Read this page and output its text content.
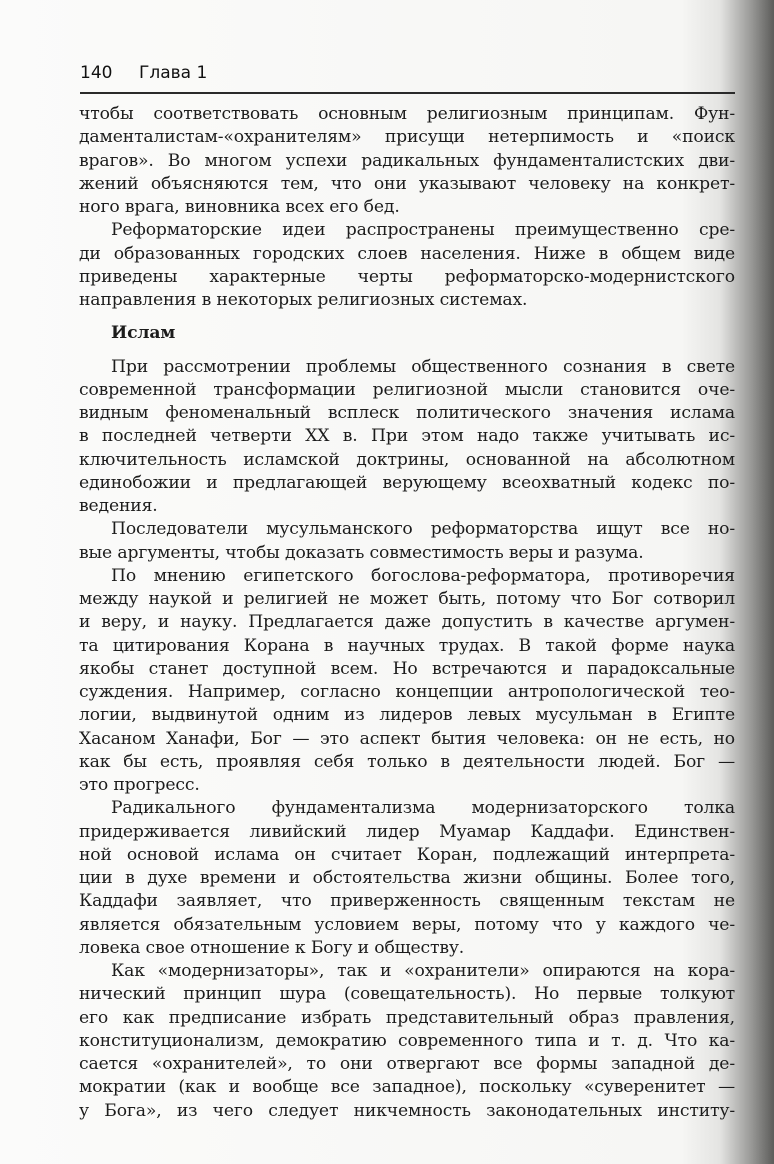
140 Глава 1
чтобы соответствовать основным религиозным принципам. Фун-
даменталистам-«охранителям» присущи нетерпимость и «поиск
врагов». Во многом успехи радикальных фундаменталистских дви-
жений объясняются тем, что они указывают человеку на конкрет-
ного врага, виновника всех его бед.
Реформаторские идеи распространены преимущественно сре-
ди образованных городских слоев населения. Ниже в общем виде
приведены характерные черты реформаторско-модернистского
направления в некоторых религиозных системах.
Ислам
При рассмотрении проблемы общественного сознания в свете
современной трансформации религиозной мысли становится оче-
видным феноменальный всплеск политического значения ислама
в последней четверти XX в. При этом надо также учитывать ис-
ключительность исламской доктрины, основанной на абсолютном
единобожии и предлагающей верующему всеохватный кодекс по-
ведения.
Последователи мусульманского реформаторства ищут все но-
вые аргументы, чтобы доказать совместимость веры и разума.
По мнению египетского богослова-реформатора, противоречия
между наукой и религией не может быть, потому что Бог сотворил
и веру, и науку. Предлагается даже допустить в качестве аргумен-
та цитирования Корана в научных трудах. В такой форме наука
якобы станет доступной всем. Но встречаются и парадоксальные
суждения. Например, согласно концепции антропологической тео-
логии, выдвинутой одним из лидеров левых мусульман в Египте
Хасаном Ханафи, Бог — это аспект бытия человека: он не есть, но
как бы есть, проявляя себя только в деятельности людей. Бог —
это прогресс.
Радикального фундаментализма модернизаторского толка
придерживается ливийский лидер Муамар Каддафи. Единствен-
ной основой ислама он считает Коран, подлежащий интерпрета-
ции в духе времени и обстоятельства жизни общины. Более того,
Каддафи заявляет, что приверженность священным текстам не
является обязательным условием веры, потому что у каждого че-
ловека свое отношение к Богу и обществу.
Как «модернизаторы», так и «охранители» опираются на кора-
нический принцип шура (совещательность). Но первые толкуют
его как предписание избрать представительный образ правления,
конституционализм, демократию современного типа и т. д. Что ка-
сается «охранителей», то они отвергают все формы западной де-
мократии (как и вообще все западное), поскольку «суверенитет —
у Бога», из чего следует никчемность законодательных институ-
